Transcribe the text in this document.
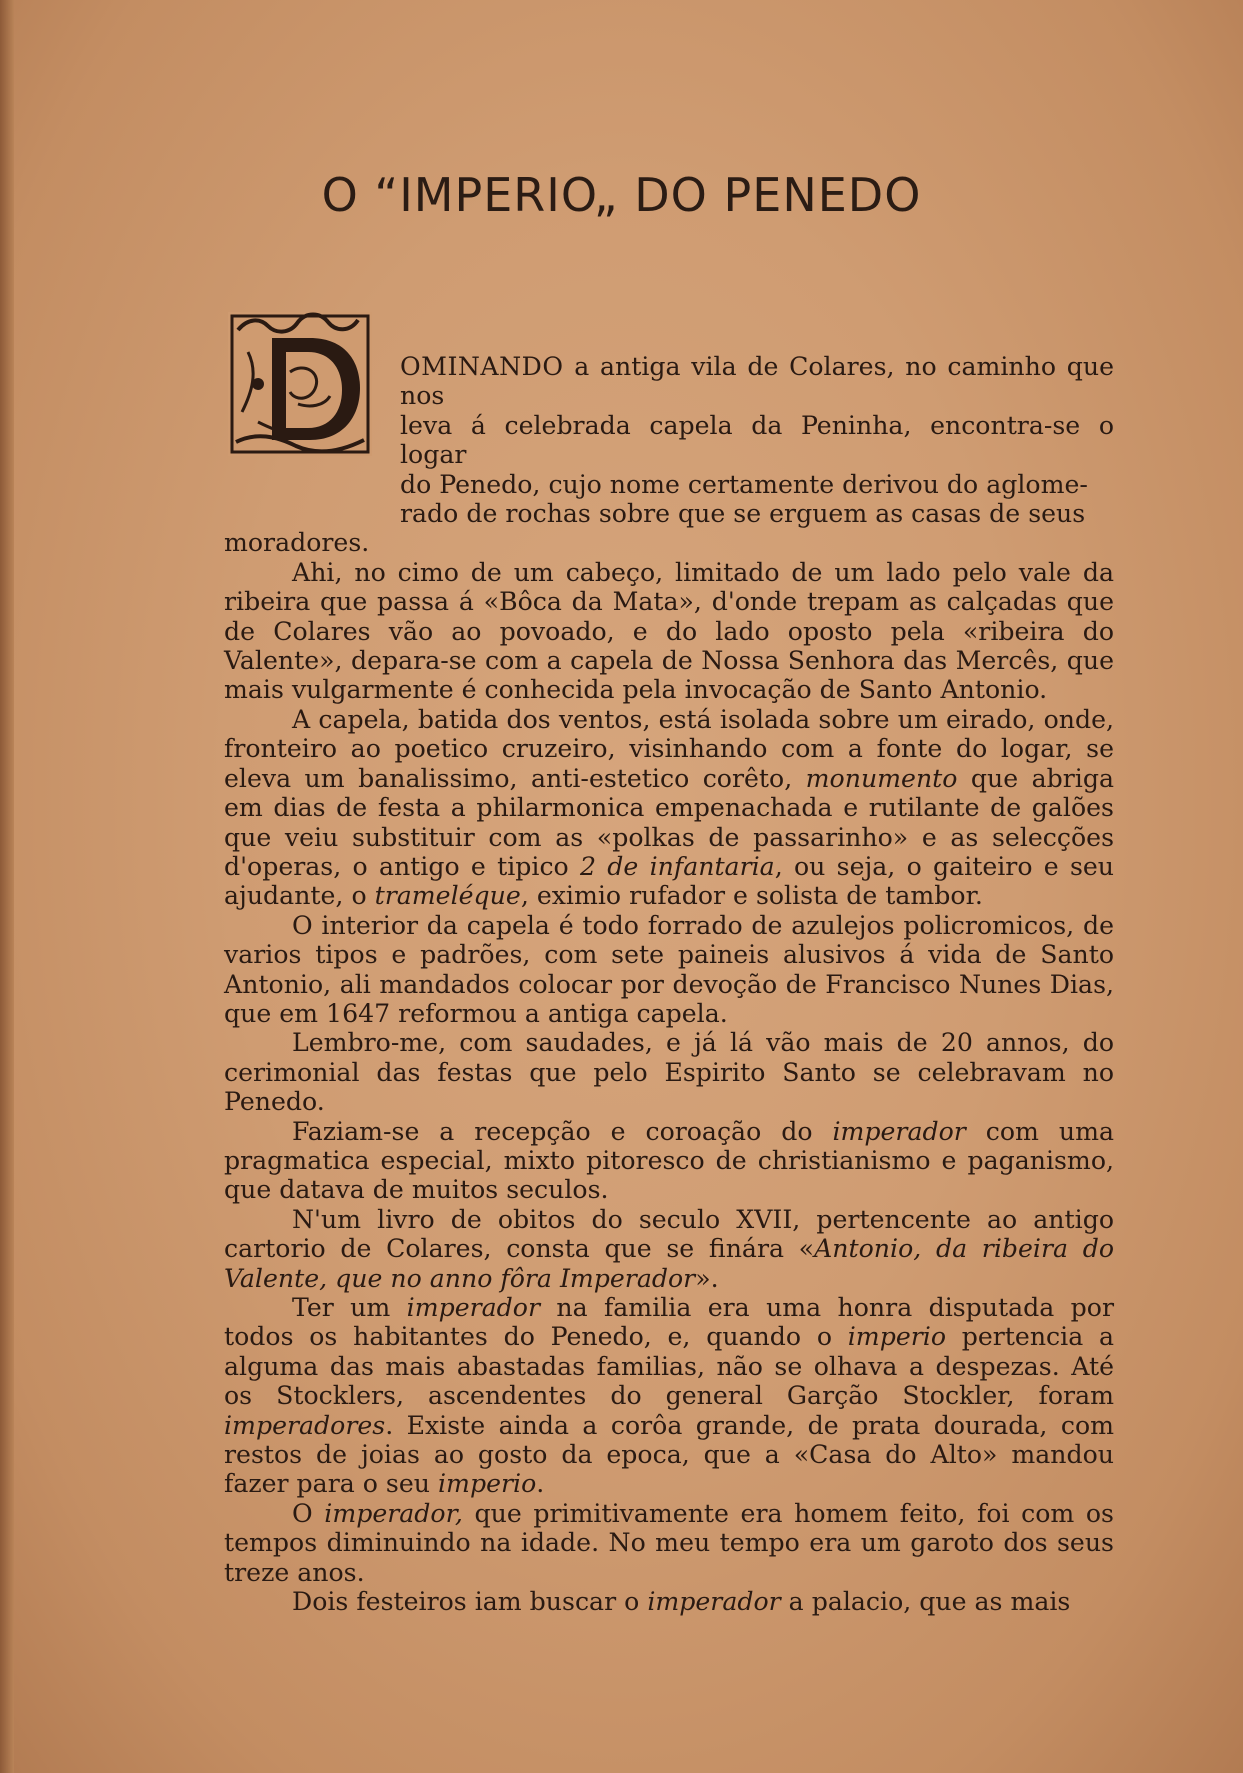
O “IMPERIO„ DO PENEDO
OMINANDO a antiga vila de Colares, no caminho que nos
leva á celebrada capela da Peninha, encontra-se o logar
do Penedo, cujo nome certamente derivou do aglome-
rado de rochas sobre que se erguem as casas de seus

moradores.

Ahi, no cimo de um cabeço, limitado de um lado pelo vale da ribeira que passa á «Bôca da Mata», d'onde trepam as calçadas que de Colares vão ao povoado, e do lado oposto pela «ribeira do Valente», depara-se com a capela de Nossa Senhora das Mercês, que mais vulgarmente é conhecida pela invocação de Santo Antonio.

A capela, batida dos ventos, está isolada sobre um eirado, onde, fronteiro ao poetico cruzeiro, visinhando com a fonte do logar, se eleva um banalissimo, anti-estetico corêto, monumento que abriga em dias de festa a philarmonica empenachada e rutilante de galões que veiu substituir com as «polkas de passarinho» e as selecções d'operas, o antigo e tipico 2 de infantaria, ou seja, o gaiteiro e seu ajudante, o trameléque, eximio rufador e solista de tambor.

O interior da capela é todo forrado de azulejos policromicos, de varios tipos e padrões, com sete paineis alusivos á vida de Santo Antonio, ali mandados colocar por devoção de Francisco Nunes Dias, que em 1647 reformou a antiga capela.

Lembro-me, com saudades, e já lá vão mais de 20 annos, do cerimonial das festas que pelo Espirito Santo se celebravam no Penedo.

Faziam-se a recepção e coroação do imperador com uma pragmatica especial, mixto pitoresco de christianismo e paganismo, que datava de muitos seculos.

N'um livro de obitos do seculo XVII, pertencente ao antigo cartorio de Colares, consta que se finára «Antonio, da ribeira do Valente, que no anno fôra Imperador».

Ter um imperador na familia era uma honra disputada por todos os habitantes do Penedo, e, quando o imperio pertencia a alguma das mais abastadas familias, não se olhava a despezas. Até os Stocklers, ascendentes do general Garção Stockler, foram imperadores. Existe ainda a corôa grande, de prata dourada, com restos de joias ao gosto da epoca, que a «Casa do Alto» mandou fazer para o seu imperio.

O imperador, que primitivamente era homem feito, foi com os tempos diminuindo na idade. No meu tempo era um garoto dos seus treze anos.

Dois festeiros iam buscar o imperador a palacio, que as mais
